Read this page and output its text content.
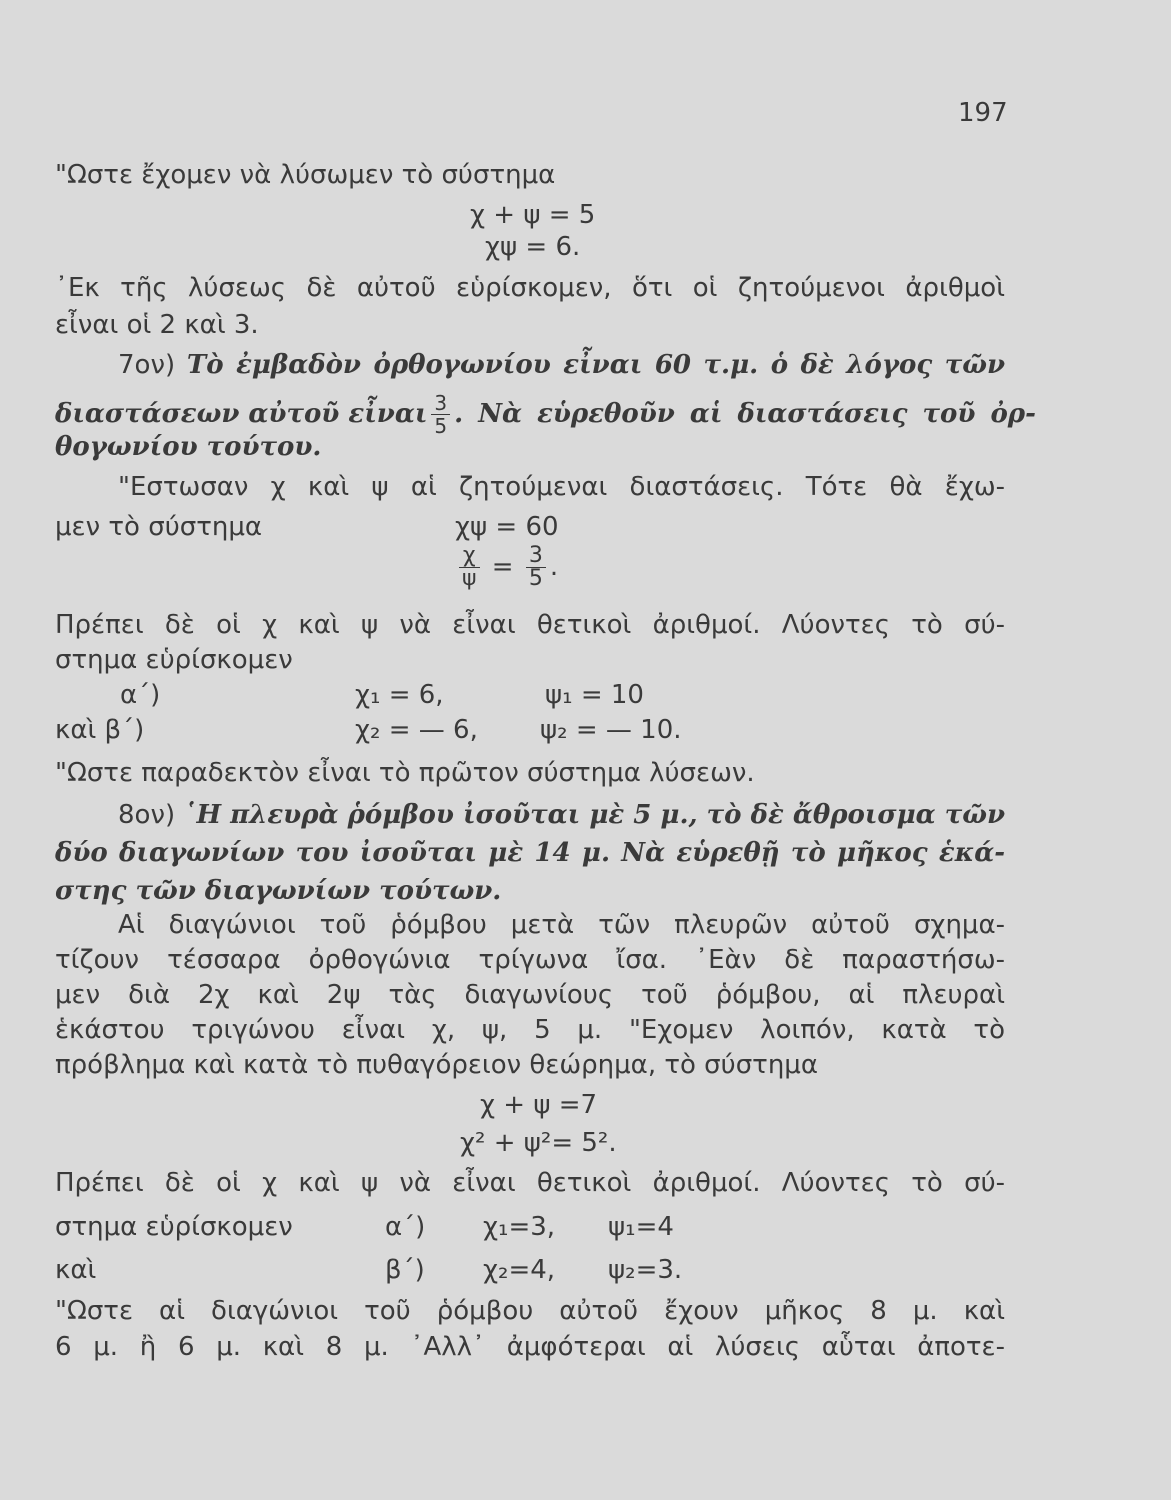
197
"Ωστε ἔχομεν νὰ λύσωμεν τὸ σύστημα
χ + ψ = 5
χψ = 6.
᾿Εκ τῆς λύσεως δὲ αὐτοῦ εὑρίσκομεν, ὅτι οἱ ζητούμενοι ἀριθμοὶ
εἶναι οἱ 2 καὶ 3.
7ον) Τὸ ἐμβαδὸν ὀρθογωνίου εἶναι 60 τ.μ. ὁ δὲ λόγος τῶν
διαστάσεων αὐτοῦ εἶναι $\frac{3}{5}$ . Νὰ εὑρεθοῦν αἱ διαστάσεις τοῦ ὀρ-
θογωνίου τούτου.
"Εστωσαν χ καὶ ψ αἱ ζητούμεναι διαστάσεις. Τότε θὰ ἔχω-
μεν τὸ σύστημα	χψ = 60
$\frac{\chi}{\psi} = \frac{3}{5}$ .
Πρέπει δὲ οἱ χ καὶ ψ νὰ εἶναι θετικοὶ ἀριθμοί. Λύοντες τὸ σύ-
στημα εὑρίσκομεν
α΄)	χ₁ = 6,	ψ₁ = 10
καὶ β΄)	χ₂ = — 6, ψ₂ = — 10.
"Ωστε παραδεκτὸν εἶναι τὸ πρῶτον σύστημα λύσεων.
8ον) ῾Η πλευρὰ ῥόμβου ἰσοῦται μὲ 5 μ., τὸ δὲ ἄθροισμα τῶν
δύο διαγωνίων του ἰσοῦται μὲ 14 μ. Νὰ εὑρεθῇ τὸ μῆκος ἑκά-
στης τῶν διαγωνίων τούτων.
Αἱ διαγώνιοι τοῦ ῥόμβου μετὰ τῶν πλευρῶν αὐτοῦ σχημα-
τίζουν τέσσαρα ὀρθογώνια τρίγωνα ἴσα. ᾿Εὰν δὲ παραστήσω-
μεν διὰ 2χ καὶ 2ψ τὰς διαγωνίους τοῦ ῥόμβου, αἱ πλευραὶ
ἑκάστου τριγώνου εἶναι χ, ψ, 5 μ. "Εχομεν λοιπόν, κατὰ τὸ
πρόβλημα καὶ κατὰ τὸ πυθαγόρειον θεώρημα, τὸ σύστημα
χ + ψ =7
χ² + ψ²= 5².
Πρέπει δὲ οἱ χ καὶ ψ νὰ εἶναι θετικοὶ ἀριθμοί. Λύοντες τὸ σύ-
στημα εὑρίσκομεν	α΄) χ₁=3, ψ₁=4
καὶ	β΄) χ₂=4, ψ₂=3.
"Ωστε αἱ διαγώνιοι τοῦ ῥόμβου αὐτοῦ ἔχουν μῆκος 8 μ. καὶ
6 μ. ἢ 6 μ. καὶ 8 μ. ᾿Αλλ᾿ ἀμφότεραι αἱ λύσεις αὗται ἀποτε-
